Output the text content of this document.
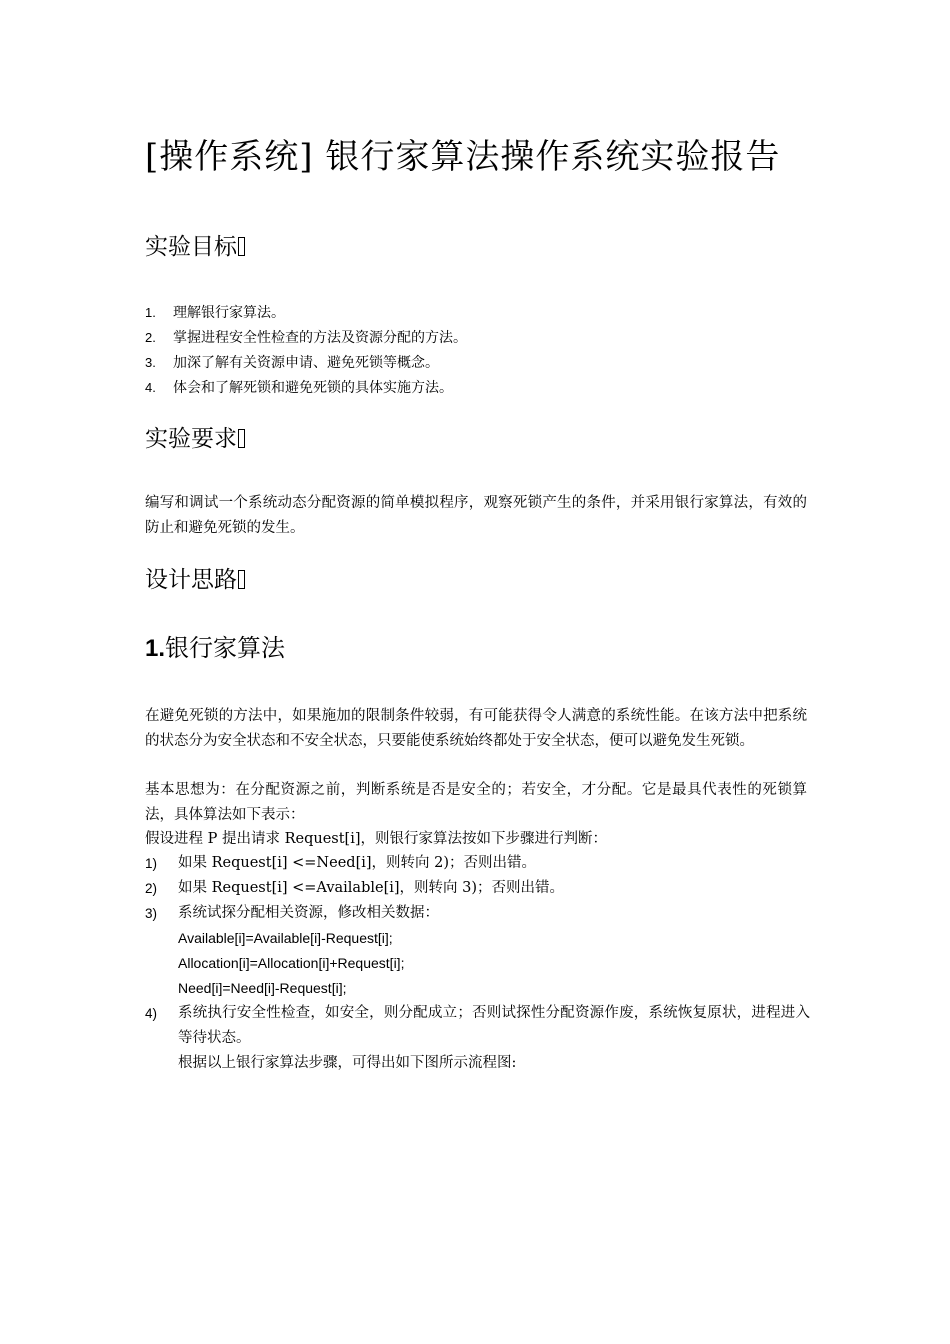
[操作系统] 银行家算法操作系统实验报告
实验目标
1. 理解银行家算法。
2. 掌握进程安全性检查的方法及资源分配的方法。
3. 加深了解有关资源申请、避免死锁等概念。
4. 体会和了解死锁和避免死锁的具体实施方法。
实验要求
编写和调试一个系统动态分配资源的简单模拟程序，观察死锁产生的条件，并采用银行家算法，有效的防止和避免死锁的发生。
设计思路
1.银行家算法
在避免死锁的方法中，如果施加的限制条件较弱，有可能获得令人满意的系统性能。在该方法中把系统的状态分为安全状态和不安全状态，只要能使系统始终都处于安全状态，便可以避免发生死锁。
基本思想为：在分配资源之前，判断系统是否是安全的；若安全，才分配。它是最具代表性的死锁算法，具体算法如下表示：
假设进程 P 提出请求 Request[i]，则银行家算法按如下步骤进行判断：
1)	如果 Request[i] <=Need[i]，则转向 2)；否则出错。
2)	如果 Request[i] <=Available[i]，则转向 3)；否则出错。
3)	系统试探分配相关资源，修改相关数据：
Available[i]=Available[i]-Request[i];
Allocation[i]=Allocation[i]+Request[i];
Need[i]=Need[i]-Request[i];
4)	系统执行安全性检查，如安全，则分配成立；否则试探性分配资源作废，系统恢复原状，进程进入等待状态。
根据以上银行家算法步骤，可得出如下图所示流程图:
